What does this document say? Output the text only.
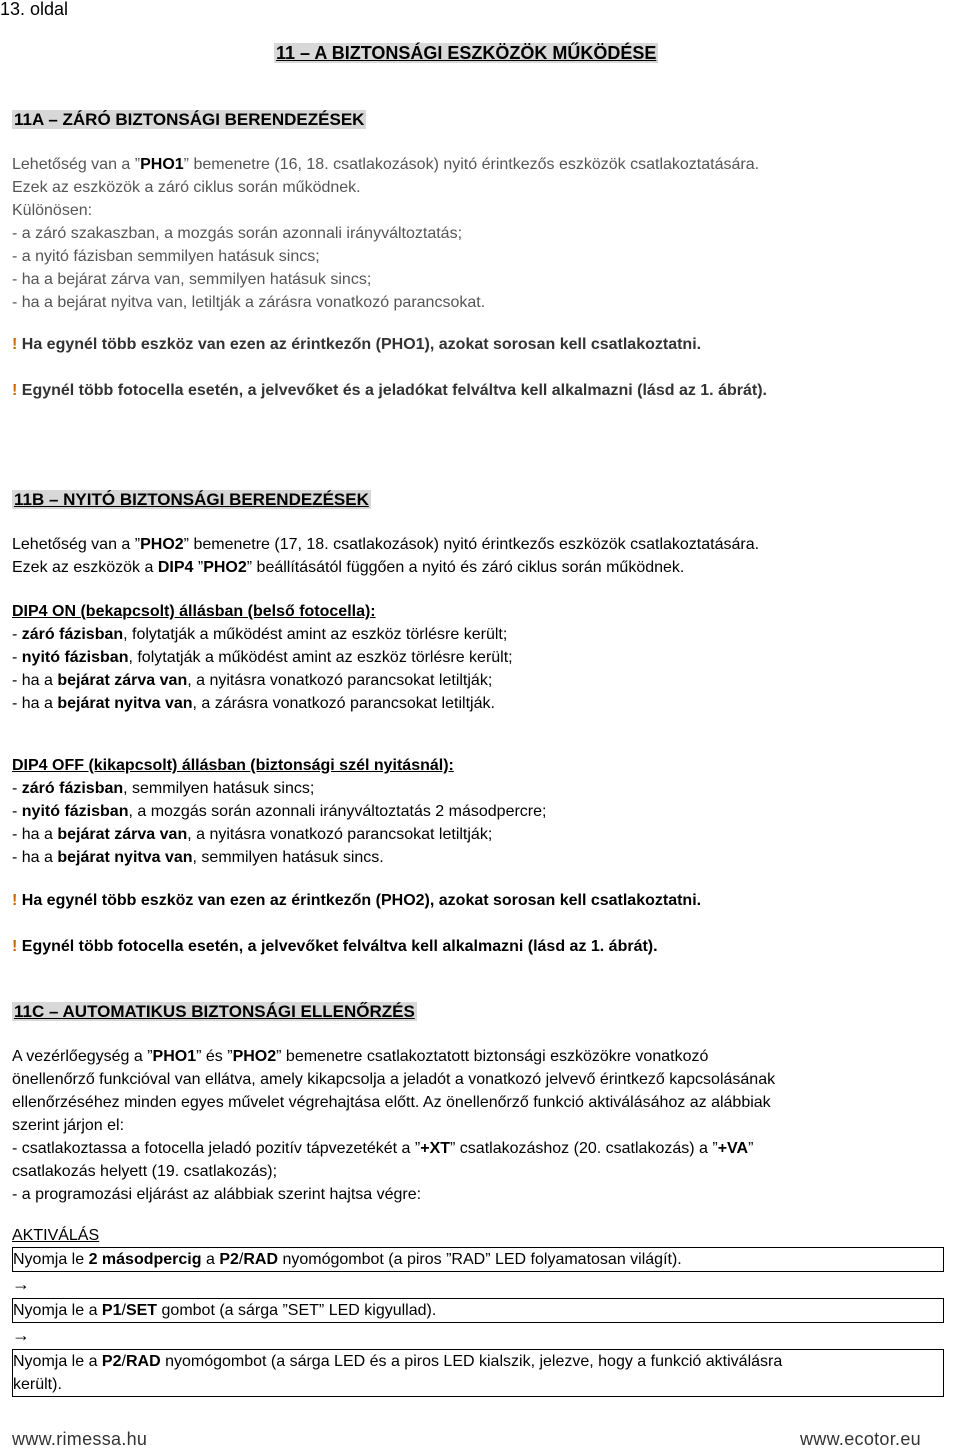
13. oldal
11 – A BIZTONSÁGI ESZKÖZÖK MŰKÖDÉSE
11A – ZÁRÓ BIZTONSÁGI BERENDEZÉSEK
Lehetőség van a ”PHO1” bemenetre (16, 18. csatlakozások) nyitó érintkezős eszközök csatlakoztatására.
Ezek az eszközök a záró ciklus során működnek.
Különösen:
- a záró szakaszban, a mozgás során azonnali irányváltoztatás;
- a nyitó fázisban semmilyen hatásuk sincs;
- ha a bejárat zárva van, semmilyen hatásuk sincs;
- ha a bejárat nyitva van, letiltják a zárásra vonatkozó parancsokat.
! Ha egynél több eszköz van ezen az érintkezőn (PHO1), azokat sorosan kell csatlakoztatni.
! Egynél több fotocella esetén, a jelvevőket és a jeladókat felváltva kell alkalmazni (lásd az 1. ábrát).
11B – NYITÓ BIZTONSÁGI BERENDEZÉSEK
Lehetőség van a ”PHO2” bemenetre (17, 18. csatlakozások) nyitó érintkezős eszközök csatlakoztatására.
Ezek az eszközök a DIP4 ”PHO2” beállításától függően a nyitó és záró ciklus során működnek.
DIP4 ON (bekapcsolt) állásban (belső fotocella):
- záró fázisban, folytatják a működést amint az eszköz törlésre került;
- nyitó fázisban, folytatják a működést amint az eszköz törlésre került;
- ha a bejárat zárva van, a nyitásra vonatkozó parancsokat letiltják;
- ha a bejárat nyitva van, a zárásra vonatkozó parancsokat letiltják.
DIP4 OFF (kikapcsolt) állásban (biztonsági szél nyitásnál):
- záró fázisban, semmilyen hatásuk sincs;
- nyitó fázisban, a mozgás során azonnali irányváltoztatás 2 másodpercre;
- ha a bejárat zárva van, a nyitásra vonatkozó parancsokat letiltják;
- ha a bejárat nyitva van, semmilyen hatásuk sincs.
! Ha egynél több eszköz van ezen az érintkezőn (PHO2), azokat sorosan kell csatlakoztatni.
! Egynél több fotocella esetén, a jelvevőket felváltva kell alkalmazni (lásd az 1. ábrát).
11C – AUTOMATIKUS BIZTONSÁGI ELLENŐRZÉS
A vezérlőegység a ”PHO1” és ”PHO2” bemenetre csatlakoztatott biztonsági eszközökre vonatkozó
önellenőrző funkcióval van ellátva, amely kikapcsolja a jeladót a vonatkozó jelvevő érintkező kapcsolásának
ellenőrzéséhez minden egyes művelet végrehajtása előtt. Az önellenőrző funkció aktiválásához az alábbiak
szerint járjon el:
- csatlakoztassa a fotocella jeladó pozitív tápvezetékét a ”+XT” csatlakozáshoz (20. csatlakozás) a ”+VA”
csatlakozás helyett (19. csatlakozás);
- a programozási eljárást az alábbiak szerint hajtsa végre:
AKTIVÁLÁS
Nyomja le 2 másodpercig a P2/RAD nyomógombot (a piros ”RAD” LED folyamatosan világít).
→
Nyomja le a P1/SET gombot (a sárga ”SET” LED kigyullad).
→
Nyomja le a P2/RAD nyomógombot (a sárga LED és a piros LED kialszik, jelezve, hogy a funkció aktiválásra
került).
www.rimessa.hu	www.ecotor.eu
